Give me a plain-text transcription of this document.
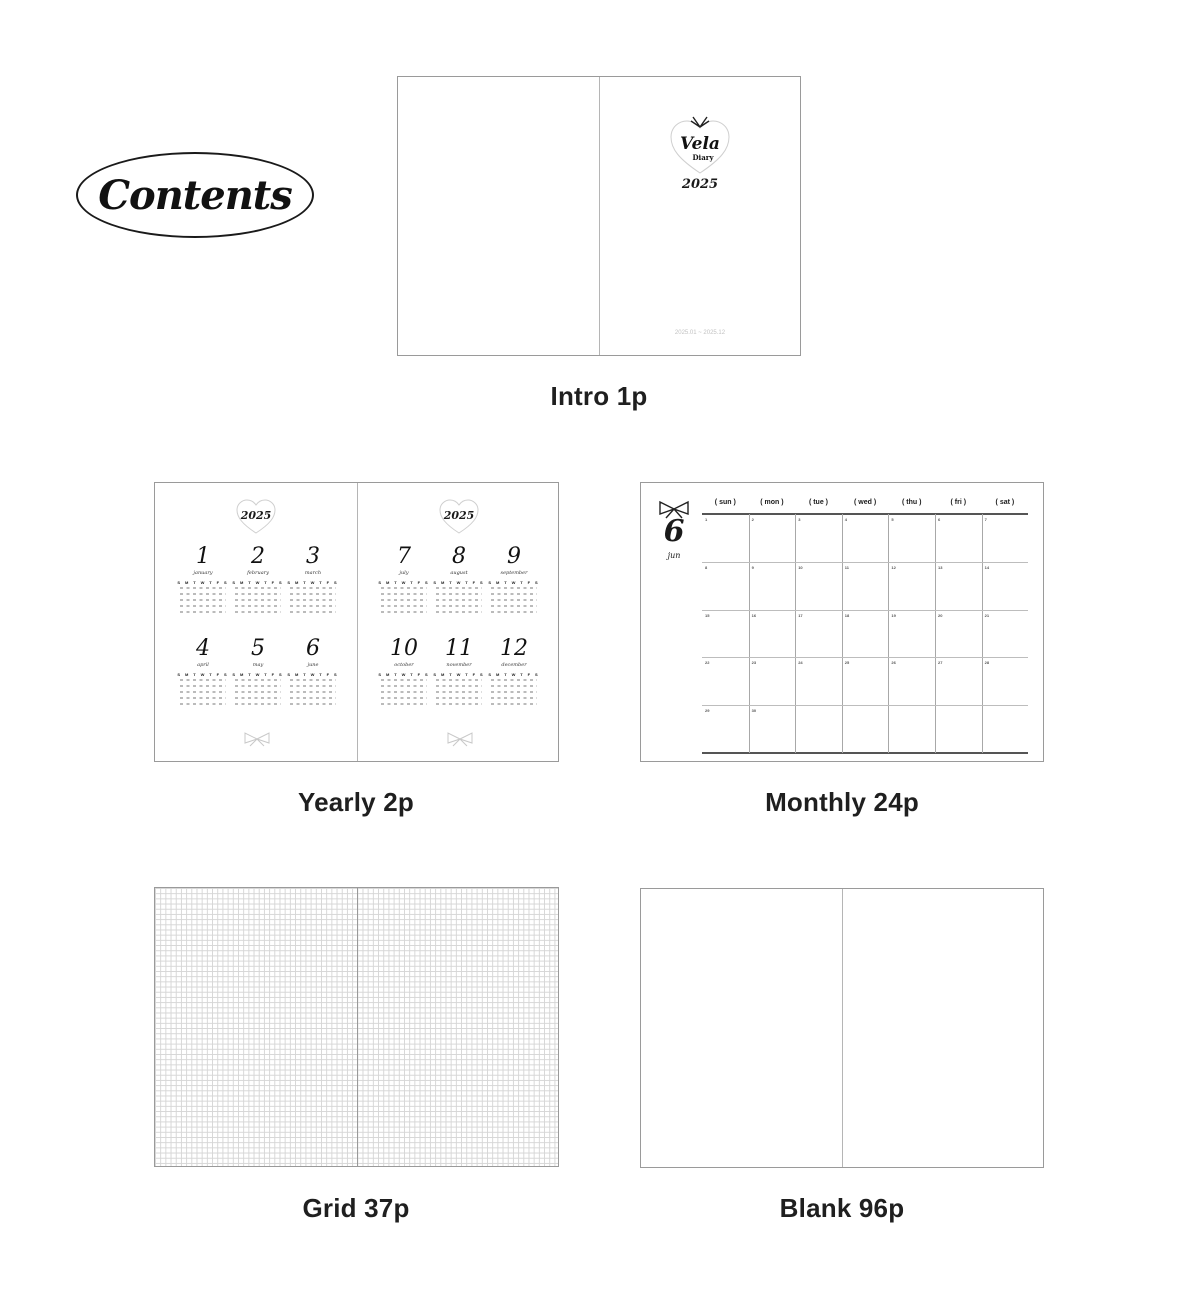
Contents
Vela
Diary
2025
2025.01 ~ 2025.12
Intro 1p
2025	2025
1
january
S M T W T F S
2
february
S M T W T F S
3
march
S M T W T F S
4
april
S M T W T F S
5
may
S M T W T F S
6
june
S M T W T F S
7
july
S M T W T F S
8
august
S M T W T F S
9
september
S M T W T F S
10
october
S M T W T F S
11
november
S M T W T F S
12
december
S M T W T F S
Yearly 2p
6
jun
( sun )	( mon )	( tue )	( wed )	( thu )	( fri )	( sat )
1	2	3	4	5	6	7
8	9	10	11	12	13	14
15	16	17	18	19	20	21
22	23	24	25	26	27	28
29	30
Monthly 24p
Grid 37p	Blank 96p
